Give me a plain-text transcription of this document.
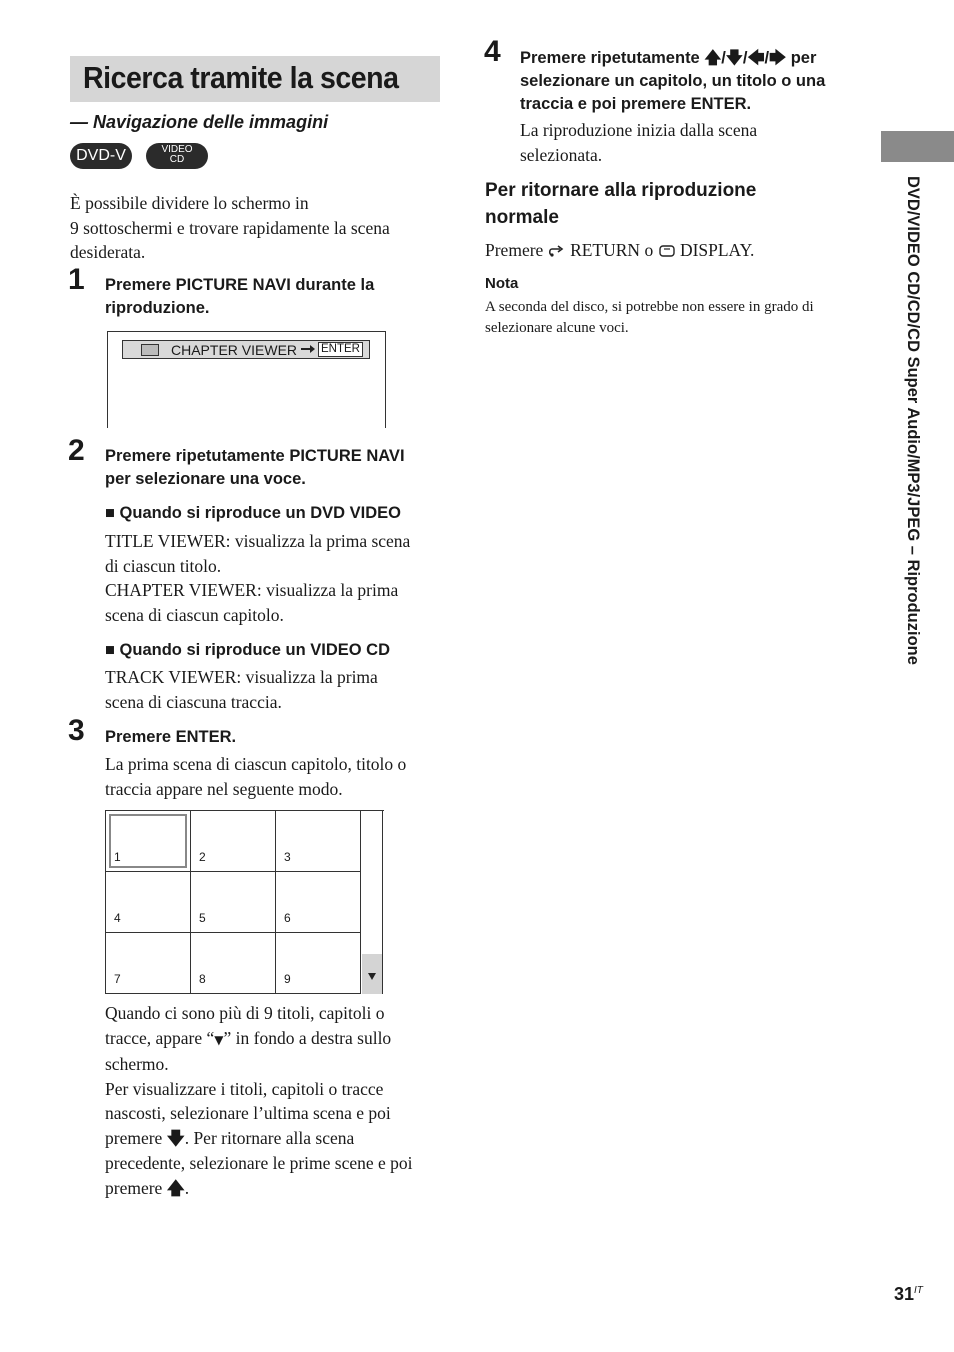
Ricerca tramite la scena
— Navigazione delle immagini
DVD-V	VIDEO
CD
È possibile dividere lo schermo in
9 sottoschermi e trovare rapidamente la scena
desiderata.
1 Premere PICTURE NAVI durante la
riproduzione.
CHAPTER VIEWER ENTER
2 Premere ripetutamente PICTURE NAVI
per selezionare una voce.
■ Quando si riproduce un DVD VIDEO
TITLE VIEWER: visualizza la prima scena
di ciascun titolo.
CHAPTER VIEWER: visualizza la prima
scena di ciascun capitolo.
■ Quando si riproduce un VIDEO CD
TRACK VIEWER: visualizza la prima
scena di ciascuna traccia.
3 Premere ENTER.
La prima scena di ciascun capitolo, titolo o
traccia appare nel seguente modo.
1	2	3
4	5	6
7	8	9
Quando ci sono più di 9 titoli, capitoli o
tracce, appare “▼” in fondo a destra sullo
schermo.
Per visualizzare i titoli, capitoli o tracce
nascosti, selezionare l’ultima scena e poi
premere 🡇. Per ritornare alla scena
precedente, selezionare le prime scene e poi
premere 🡅.
4 Premere ripetutamente 🡅/🡇/🡄/🡆 per
selezionare un capitolo, un titolo o una
traccia e poi premere ENTER.
La riproduzione inizia dalla scena
selezionata.
Per ritornare alla riproduzione
normale
Premere  RETURN o  DISPLAY.
Nota
A seconda del disco, si potrebbe non essere in grado di
selezionare alcune voci.	DVD/VIDEO CD/CD/CD Super Audio/MP3/JPEG – Riproduzione
$31^{IT}$
